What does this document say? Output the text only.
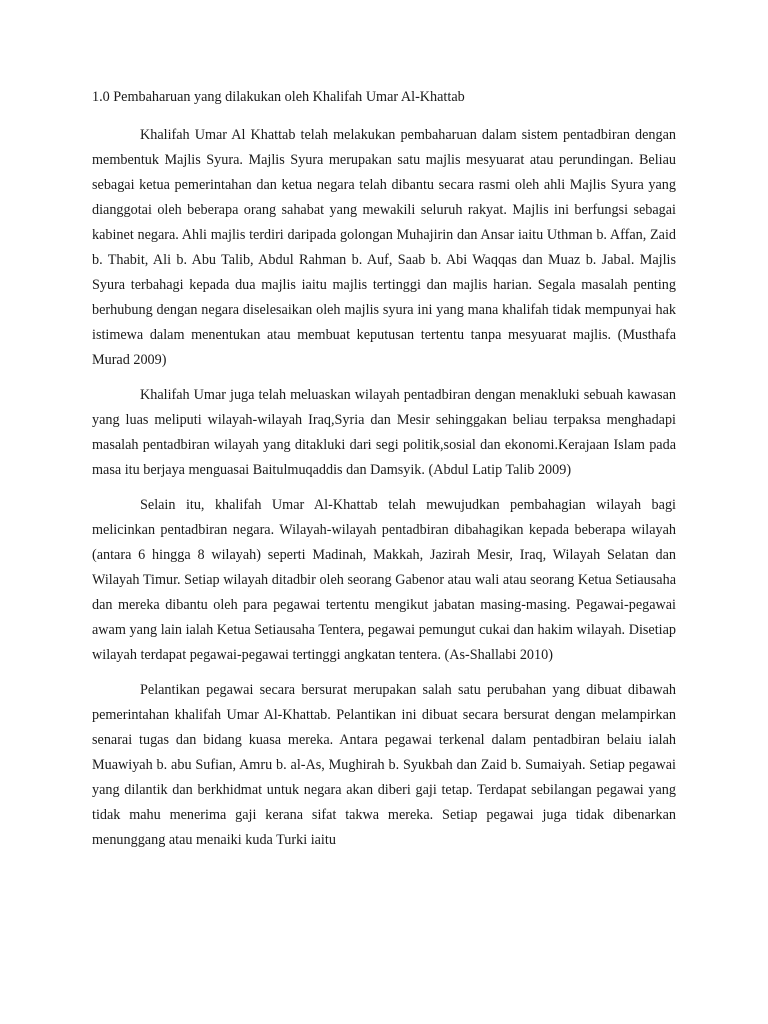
1.0 Pembaharuan yang dilakukan oleh Khalifah Umar Al-Khattab

Khalifah Umar Al Khattab telah melakukan pembaharuan dalam sistem pentadbiran dengan membentuk Majlis Syura. Majlis Syura merupakan satu majlis mesyuarat atau perundingan. Beliau sebagai ketua pemerintahan dan ketua negara telah dibantu secara rasmi oleh ahli Majlis Syura yang dianggotai oleh beberapa orang sahabat yang mewakili seluruh rakyat. Majlis ini berfungsi sebagai kabinet negara. Ahli majlis terdiri daripada golongan Muhajirin dan Ansar iaitu Uthman b. Affan, Zaid b. Thabit, Ali b. Abu Talib, Abdul Rahman b. Auf, Saab b. Abi Waqqas dan Muaz b. Jabal. Majlis Syura terbahagi kepada dua majlis iaitu majlis tertinggi dan majlis harian. Segala masalah penting berhubung dengan negara diselesaikan oleh majlis syura ini yang mana khalifah tidak mempunyai hak istimewa dalam menentukan atau membuat keputusan tertentu tanpa mesyuarat majlis. (Musthafa Murad 2009)

Khalifah Umar juga telah meluaskan wilayah pentadbiran dengan menakluki sebuah kawasan yang luas meliputi wilayah-wilayah Iraq,Syria dan Mesir sehinggakan beliau terpaksa menghadapi masalah pentadbiran wilayah yang ditakluki dari segi politik,sosial dan ekonomi.Kerajaan Islam pada masa itu berjaya menguasai Baitulmuqaddis dan Damsyik. (Abdul Latip Talib 2009)

Selain itu, khalifah Umar Al-Khattab telah mewujudkan pembahagian wilayah bagi melicinkan pentadbiran negara. Wilayah-wilayah pentadbiran dibahagikan kepada beberapa wilayah (antara 6 hingga 8 wilayah) seperti Madinah, Makkah, Jazirah Mesir, Iraq, Wilayah Selatan dan Wilayah Timur. Setiap wilayah ditadbir oleh seorang Gabenor atau wali atau seorang Ketua Setiausaha dan mereka dibantu oleh para pegawai tertentu mengikut jabatan masing-masing. Pegawai-pegawai awam yang lain ialah Ketua Setiausaha Tentera, pegawai pemungut cukai dan hakim wilayah. Disetiap wilayah terdapat pegawai-pegawai tertinggi angkatan tentera. (As-Shallabi 2010)

Pelantikan pegawai secara bersurat merupakan salah satu perubahan yang dibuat dibawah pemerintahan khalifah Umar Al-Khattab. Pelantikan ini dibuat secara bersurat dengan melampirkan senarai tugas dan bidang kuasa mereka. Antara pegawai terkenal dalam pentadbiran belaiu ialah Muawiyah b. abu Sufian, Amru b. al-As, Mughirah b. Syukbah dan Zaid b. Sumaiyah. Setiap pegawai yang dilantik dan berkhidmat untuk negara akan diberi gaji tetap. Terdapat sebilangan pegawai yang tidak mahu menerima gaji kerana sifat takwa mereka. Setiap pegawai juga tidak dibenarkan menunggang atau menaiki kuda Turki iaitu
